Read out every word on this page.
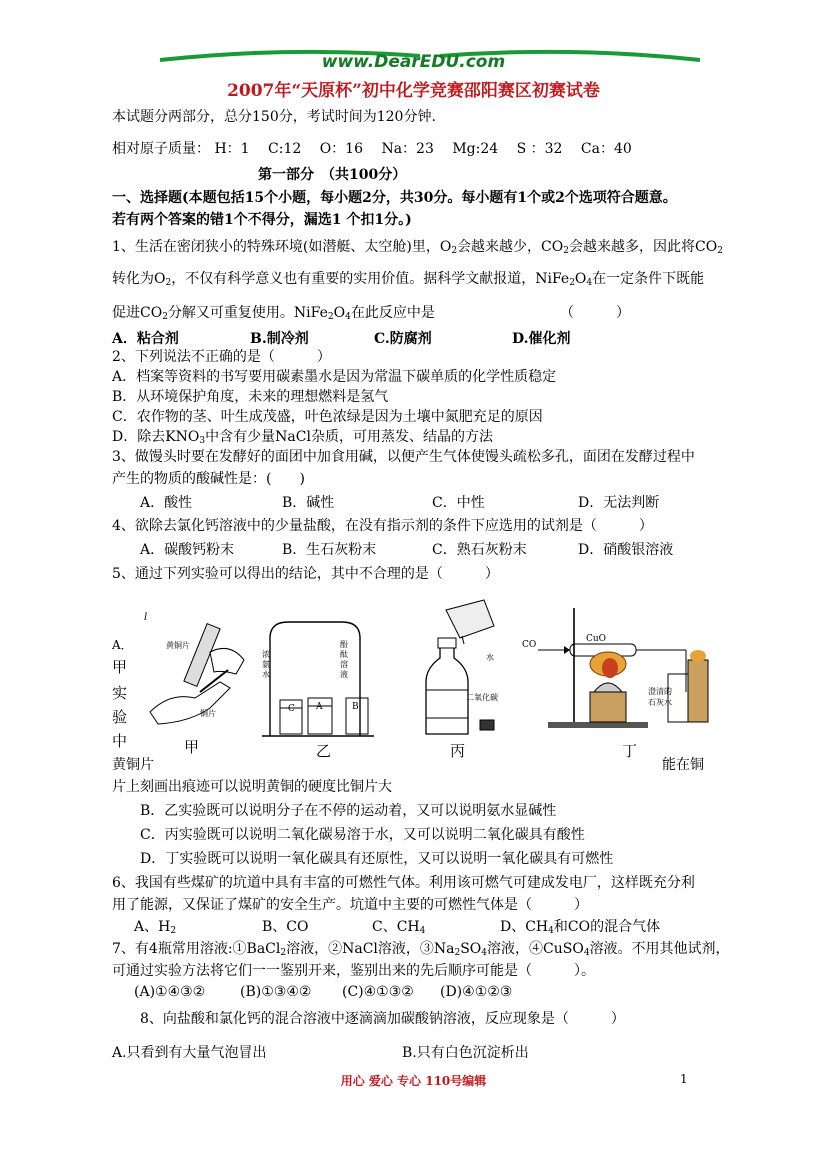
www.DearEDU.com
2007年“天原杯”初中化学竞赛邵阳赛区初赛试卷
本试题分两部分，总分150分，考试时间为120分钟.
相对原子质量： H：1　 C:12　 O：16　 Na：23　 Mg:24　 S ：32　 Ca：40
第一部分　（共100分）
一、选择题(本题包括15个小题，每小题2分，共30分。每小题有1个或2个选项符合题意。
若有两个答案的错1个不得分，漏选1 个扣1分。)
1、生活在密闭狭小的特殊环境(如潜艇、太空舱)里，$O_2$会越来越少，$CO_2$会越来越多，因此将$CO_2$
转化为$O_2$，不仅有科学意义也有重要的实用价值。据科学文献报道，$NiFe_2O_4$在一定条件下既能
促进$CO_2$分解又可重复使用。$NiFe_2O_4$在此反应中是	（　　　）
A．粘合剂	B.制冷剂	C.防腐剂	D.催化剂
2、下列说法不正确的是（　　　）
A．档案等资料的书写要用碳素墨水是因为常温下碳单质的化学性质稳定
B．从环境保护角度，未来的理想燃料是氢气
C．农作物的茎、叶生成茂盛，叶色浓绿是因为土壤中氮肥充足的原因
D．除去$KNO_3$中含有少量NaCl杂质，可用蒸发、结晶的方法
3、做馒头时要在发酵好的面团中加食用碱，以便产生气体使馒头疏松多孔，面团在发酵过程中
产生的物质的酸碱性是：(　　)
A．酸性	B．碱性	C．中性	D．无法判断
4、欲除去氯化钙溶液中的少量盐酸，在没有指示剂的条件下应选用的试剂是（　　　）
A．碳酸钙粉末	B．生石灰粉末	C．熟石灰粉末	D．硝酸银溶液
5、通过下列实验可以得出的结论，其中不合理的是（　　　）
A．
甲
实
验
中
黄铜片
铜片
l
浓氨水
酚酞溶液
C A	B
水
二氧化碳
CO
CuO
澄清的石灰水
甲	乙	丙	丁
黄铜片	能在铜
片上刻画出痕迹可以说明黄铜的硬度比铜片大
B．乙实验既可以说明分子在不停的运动着，又可以说明氨水显碱性
C．丙实验既可以说明二氧化碳易溶于水，又可以说明二氧化碳具有酸性
D．丁实验既可以说明一氧化碳具有还原性，又可以说明一氧化碳具有可燃性
6、我国有些煤矿的坑道中具有丰富的可燃性气体。利用该可燃气可建成发电厂，这样既充分利
用了能源，又保证了煤矿的安全生产。坑道中主要的可燃性气体是（　　　）
A、$H_2$	B、CO	C、$CH_4$	D、$CH_4$和CO的混合气体
7、有4瓶常用溶液:①BaCl$_2$溶液，②NaCl溶液，$③Na_2SO_4$溶液，④CuSO$_4$溶液。不用其他试剂，
可通过实验方法将它们一一鉴别开来，鉴别出来的先后顺序可能是（　　　）。
(A)①④③② (B)①③④② (C)④①③② (D)④①②③
8、向盐酸和氯化钙的混合溶液中逐滴滴加碳酸钠溶液，反应现象是（　　　）
A.只看到有大量气泡冒出	B.只有白色沉淀析出
用心 爱心 专心 110号编辑	1
